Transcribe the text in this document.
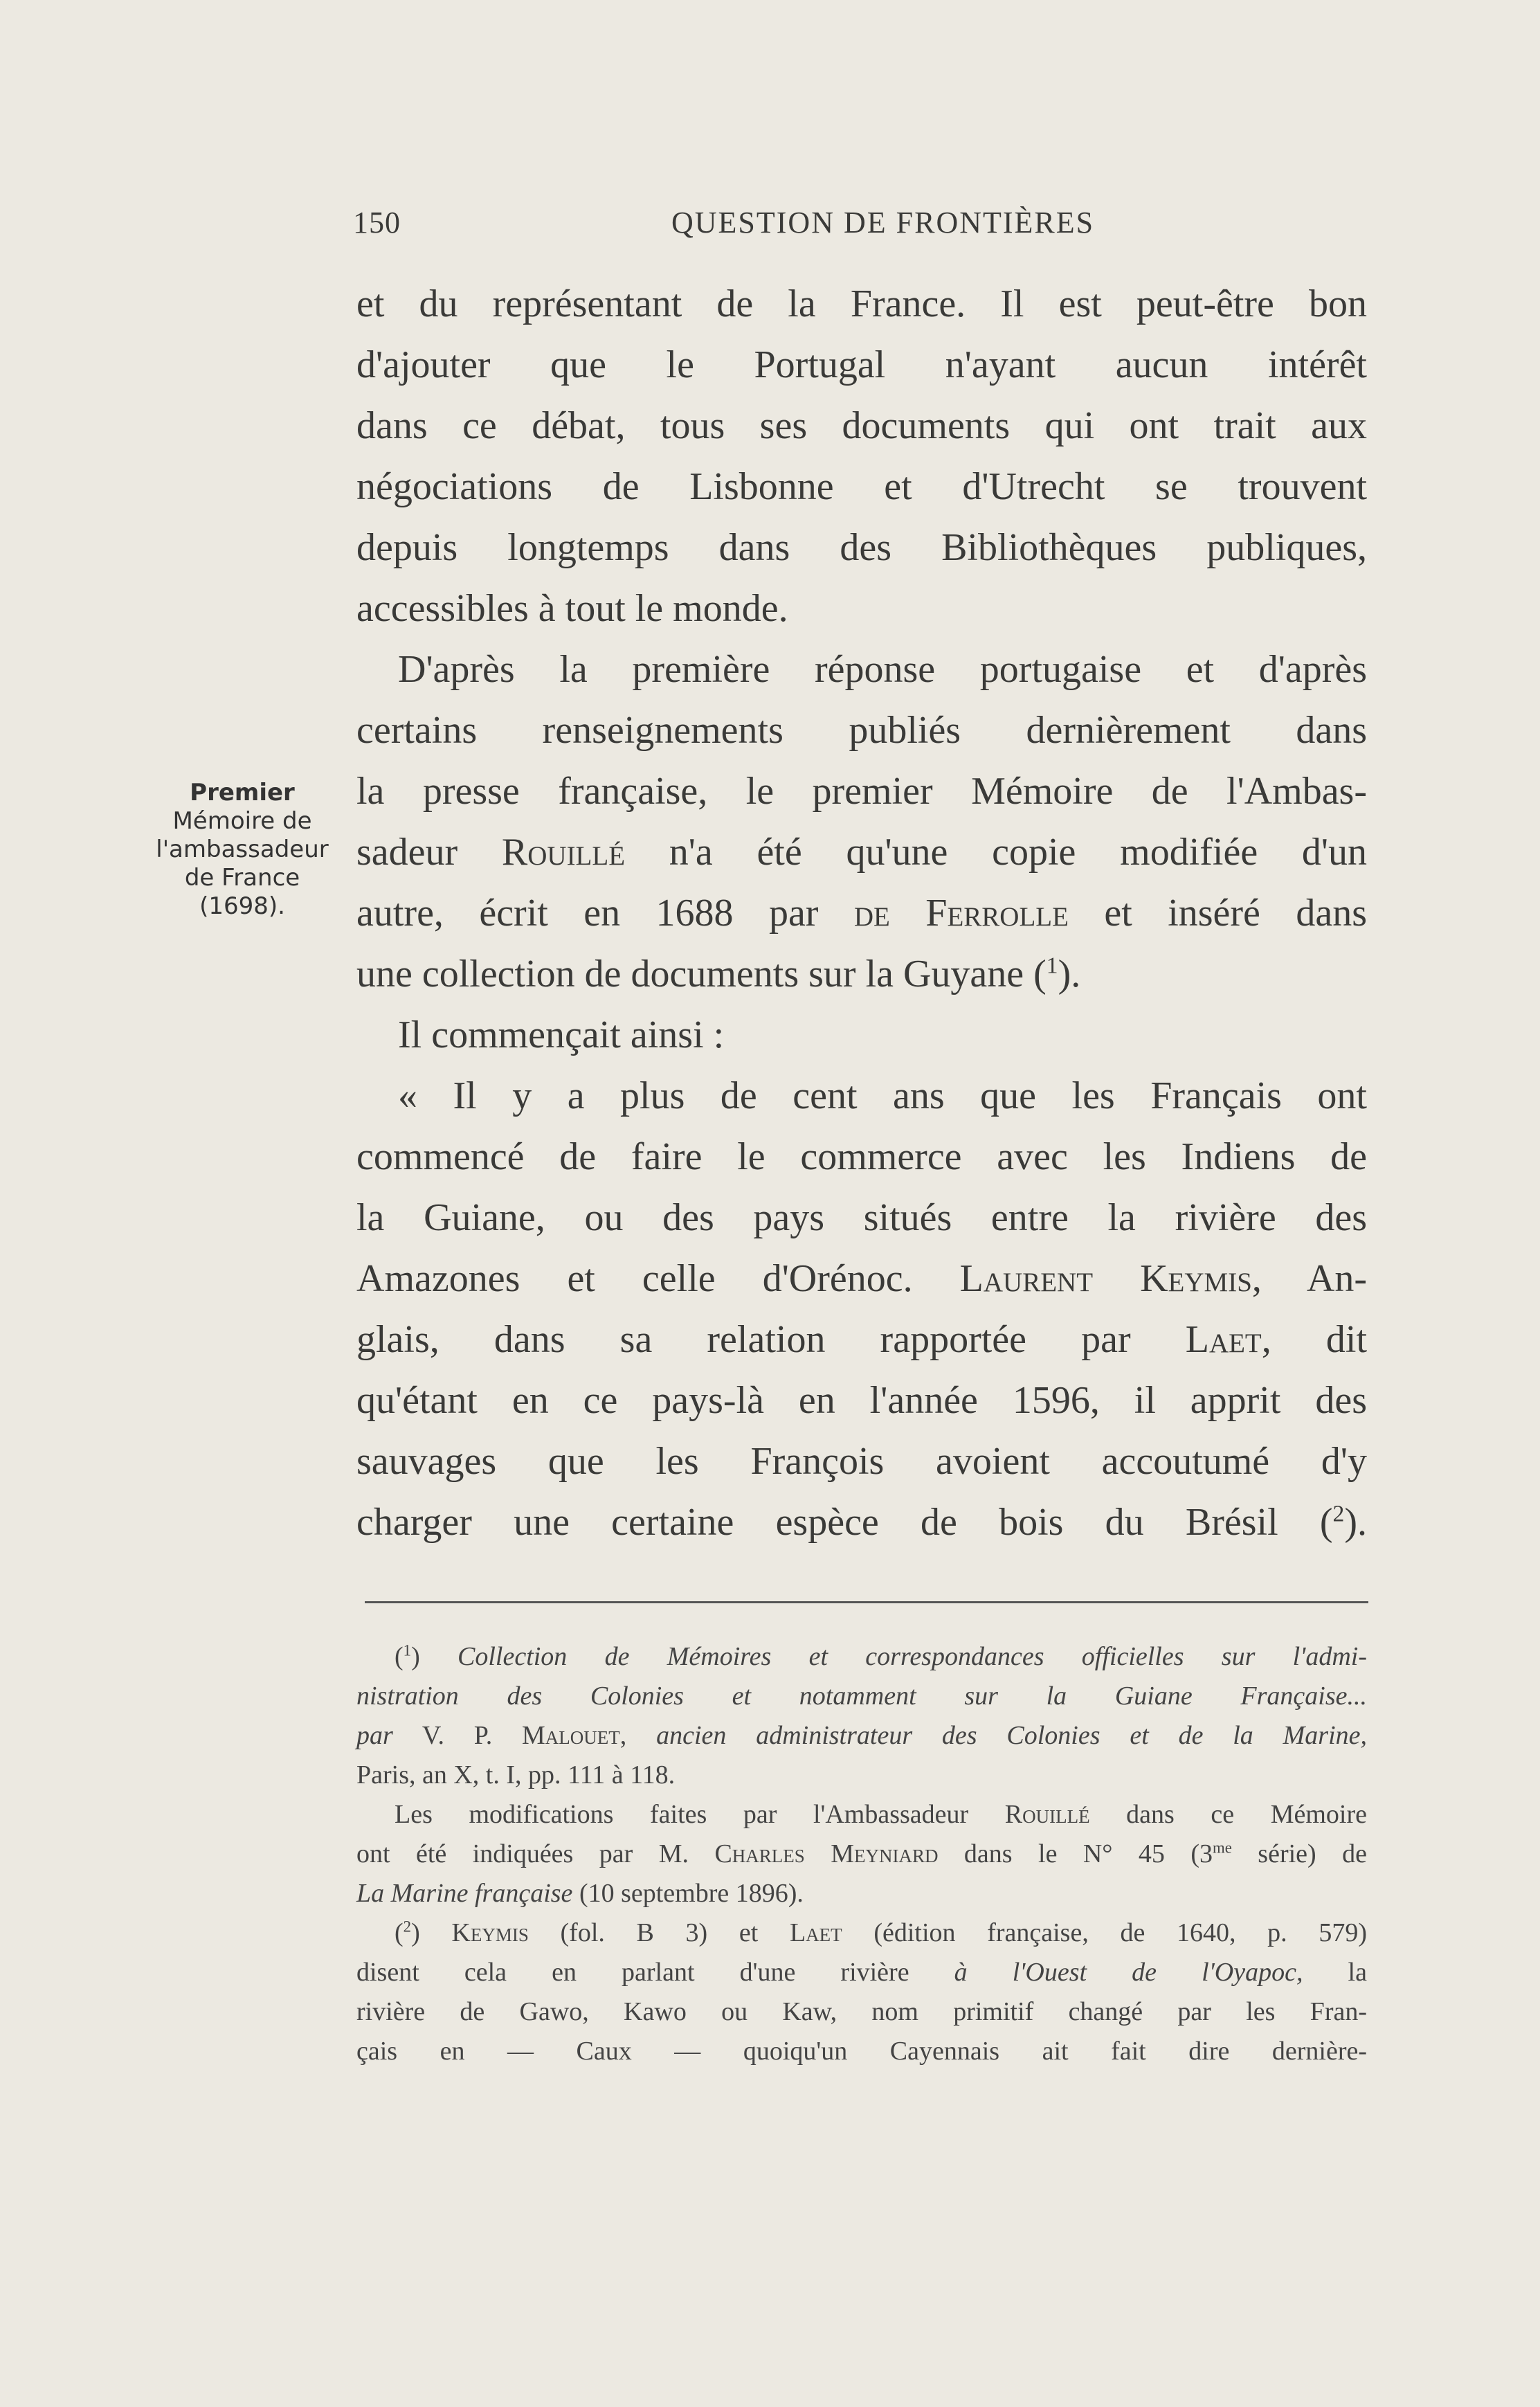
150	QUESTION DE FRONTIÈRES
Premier
Mémoire de
l'ambassadeur
de France
(1698).
et du représentant de la France. Il est peut-être bon
d'ajouter que le Portugal n'ayant aucun intérêt
dans ce débat, tous ses documents qui ont trait aux
négociations de Lisbonne et d'Utrecht se trouvent
depuis longtemps dans des Bibliothèques publiques,
accessibles à tout le monde.
D'après la première réponse portugaise et d'après
certains renseignements publiés dernièrement dans
la presse française, le premier Mémoire de l'Ambas-
sadeur Rouillé n'a été qu'une copie modifiée d'un
autre, écrit en 1688 par de Ferrolle et inséré dans
une collection de documents sur la Guyane ($^1$).
Il commençait ainsi :
« Il y a plus de cent ans que les Français ont
commencé de faire le commerce avec les Indiens de
la Guiane, ou des pays situés entre la rivière des
Amazones et celle d'Orénoc. Laurent Keymis, An-
glais, dans sa relation rapportée par Laet, dit
qu'étant en ce pays-là en l'année 1596, il apprit des
sauvages que les François avoient accoutumé d'y
charger une certaine espèce de bois du Brésil ($^2$).
($^1$) Collection de Mémoires et correspondances officielles sur l'admi-
nistration des Colonies et notamment sur la Guiane Française...
par V. P. Malouet, ancien administrateur des Colonies et de la Marine,
Paris, an X, t. I, pp. 111 à 118.
Les modifications faites par l'Ambassadeur Rouillé dans ce Mémoire
ont été indiquées par M. Charles Meyniard dans le N° 45 ($3^{me}$ série) de
La Marine française (10 septembre 1896).
($^2$) Keymis (fol. B 3) et Laet (édition française, de 1640, p. 579)
disent cela en parlant d'une rivière à l'Ouest de l'Oyapoc, la
rivière de Gawo, Kawo ou Kaw, nom primitif changé par les Fran-
çais en — Caux — quoiqu'un Cayennais ait fait dire dernière-
